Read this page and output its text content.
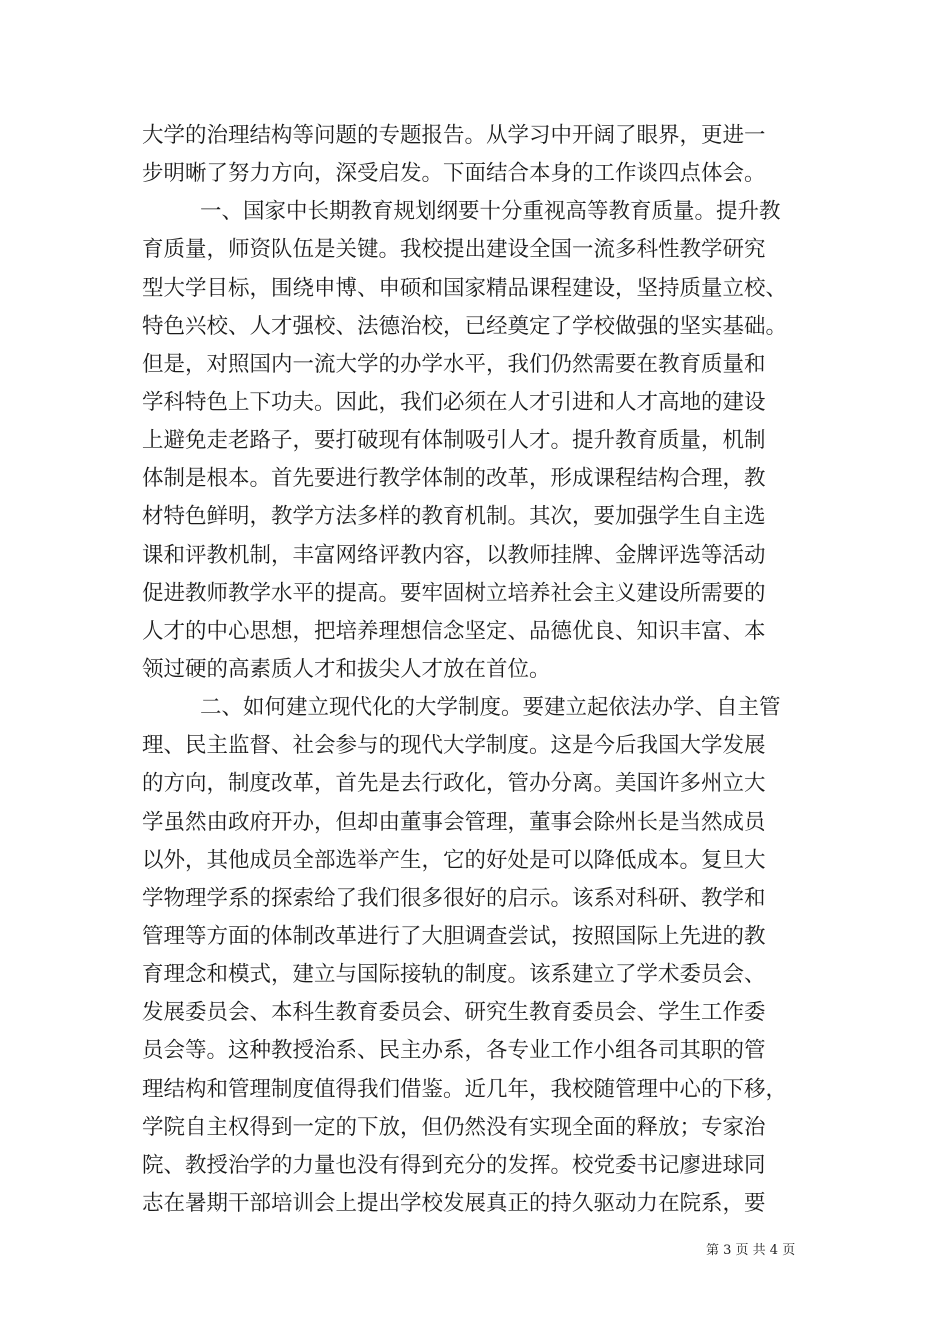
大学的治理结构等问题的专题报告。从学习中开阔了眼界，更进一
步明晰了努力方向，深受启发。下面结合本身的工作谈四点体会。
一、国家中长期教育规划纲要十分重视高等教育质量。提升教
育质量，师资队伍是关键。我校提出建设全国一流多科性教学研究
型大学目标，围绕申博、申硕和国家精品课程建设，坚持质量立校、
特色兴校、人才强校、法德治校，已经奠定了学校做强的坚实基础。
但是，对照国内一流大学的办学水平，我们仍然需要在教育质量和
学科特色上下功夫。因此，我们必须在人才引进和人才高地的建设
上避免走老路子，要打破现有体制吸引人才。提升教育质量，机制
体制是根本。首先要进行教学体制的改革，形成课程结构合理，教
材特色鲜明，教学方法多样的教育机制。其次，要加强学生自主选
课和评教机制，丰富网络评教内容，以教师挂牌、金牌评选等活动
促进教师教学水平的提高。要牢固树立培养社会主义建设所需要的
人才的中心思想，把培养理想信念坚定、品德优良、知识丰富、本
领过硬的高素质人才和拔尖人才放在首位。
二、如何建立现代化的大学制度。要建立起依法办学、自主管
理、民主监督、社会参与的现代大学制度。这是今后我国大学发展
的方向，制度改革，首先是去行政化，管办分离。美国许多州立大
学虽然由政府开办，但却由董事会管理，董事会除州长是当然成员
以外，其他成员全部选举产生，它的好处是可以降低成本。复旦大
学物理学系的探索给了我们很多很好的启示。该系对科研、教学和
管理等方面的体制改革进行了大胆调查尝试，按照国际上先进的教
育理念和模式，建立与国际接轨的制度。该系建立了学术委员会、
发展委员会、本科生教育委员会、研究生教育委员会、学生工作委
员会等。这种教授治系、民主办系，各专业工作小组各司其职的管
理结构和管理制度值得我们借鉴。近几年，我校随管理中心的下移，
学院自主权得到一定的下放，但仍然没有实现全面的释放；专家治
院、教授治学的力量也没有得到充分的发挥。校党委书记廖进球同
志在暑期干部培训会上提出学校发展真正的持久驱动力在院系，要
第 3 页 共 4 页
